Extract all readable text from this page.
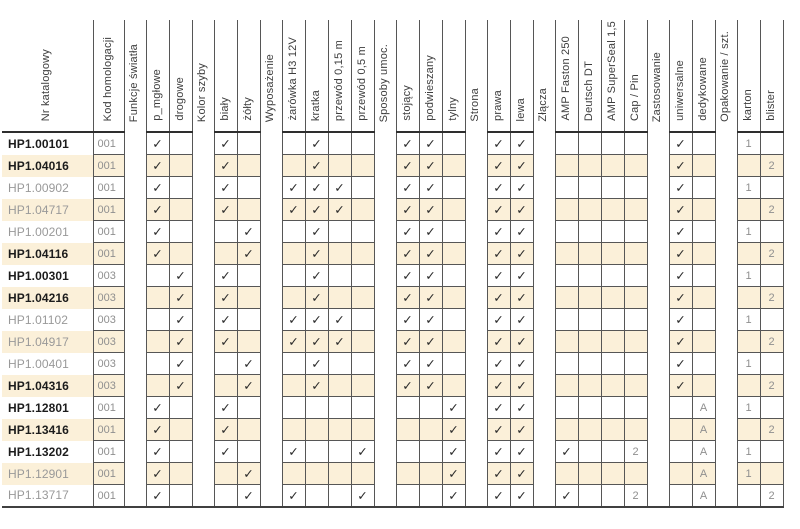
Nr katalogowy	Kod homologacji	Funkcje światła	p_mgłowe	drogowe	Kolor szyby	biały	żółty	Wyposażenie	żarówka H3 12V	kratka	przewód 0,15 m	przewód 0,5 m	Sposoby umoc.	stojący	podwieszany	tylny	Strona	prawa	lewa	Złącza	AMP Faston 250	Deutsch DT	AMP SuperSeal 1,5	Cap / Pin	Zastosowanie	uniwersalne	dedykowane	Opakowanie / szt.	karton	blister
HP1.00101	001		✓			✓				✓				✓	✓			✓	✓							✓			1	
HP1.04016	001		✓			✓				✓				✓	✓			✓	✓							✓				2
HP1.00902	001		✓			✓			✓	✓	✓			✓	✓			✓	✓							✓			1	
HP1.04717	001		✓			✓			✓	✓	✓			✓	✓			✓	✓							✓				2
HP1.00201	001		✓				✓			✓				✓	✓			✓	✓							✓			1	
HP1.04116	001		✓				✓			✓				✓	✓			✓	✓							✓				2
HP1.00301	003			✓		✓				✓				✓	✓			✓	✓							✓			1	
HP1.04216	003			✓		✓				✓				✓	✓			✓	✓							✓				2
HP1.01102	003			✓		✓			✓	✓	✓			✓	✓			✓	✓							✓			1	
HP1.04917	003			✓		✓			✓	✓	✓			✓	✓			✓	✓							✓				2
HP1.00401	003			✓			✓			✓				✓	✓			✓	✓							✓			1	
HP1.04316	003			✓			✓			✓				✓	✓			✓	✓							✓				2
HP1.12801	001		✓			✓										✓		✓	✓								A		1	
HP1.13416	001		✓			✓										✓		✓	✓								A			2
HP1.13202	001		✓			✓			✓			✓				✓		✓	✓		✓			2			A		1	
HP1.12901	001		✓				✓									✓		✓	✓								A		1	
HP1.13717	001		✓				✓		✓			✓				✓		✓	✓		✓			2			A			2
